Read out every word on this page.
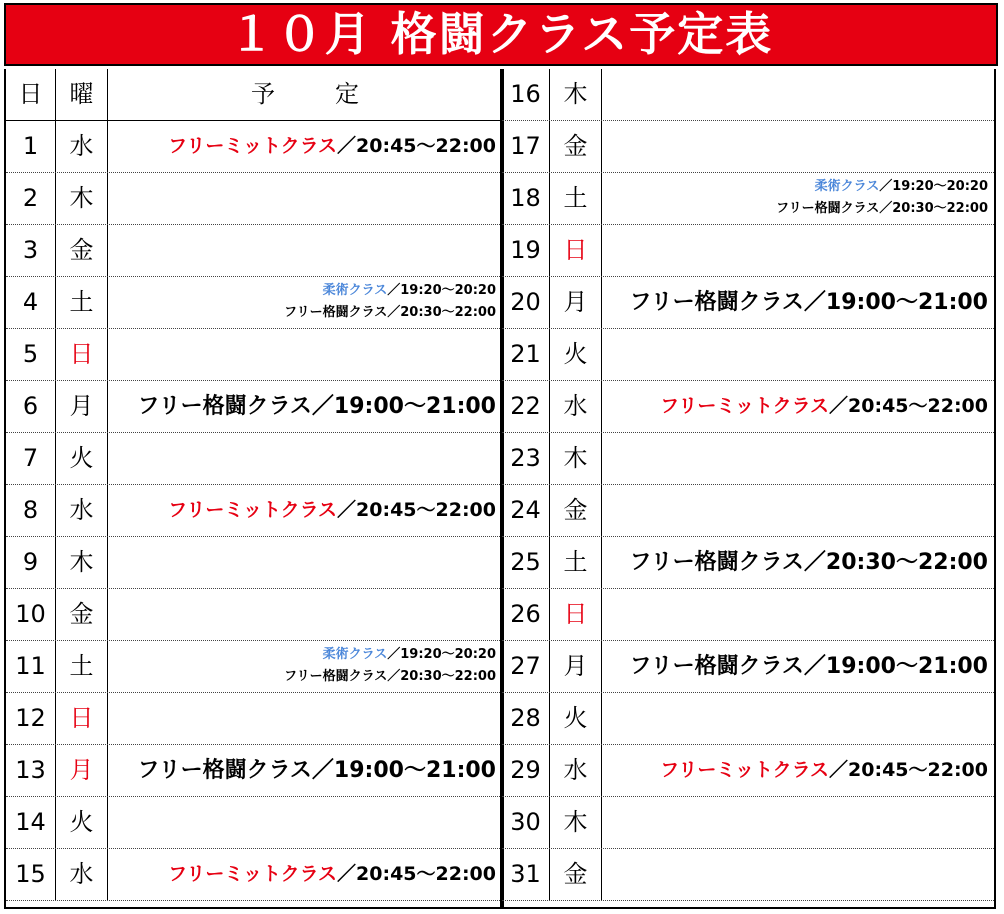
１０月 格闘クラス予定表
日	曜	予定
1	水	フリーミットクラス／20:45〜22:00
2	木
3	金
4	土	柔術クラス／19:20〜20:20
フリー格闘クラス／20:30〜22:00
5	日
6	月	フリー格闘クラス／19:00〜21:00
7	火
8	水	フリーミットクラス／20:45〜22:00
9	木
10 金
11 土	柔術クラス／19:20〜20:20
フリー格闘クラス／20:30〜22:00
12 日
13 月	フリー格闘クラス／19:00〜21:00
14 火
15 水	フリーミットクラス／20:45〜22:00
16 木
17 金
18 土	柔術クラス／19:20〜20:20
フリー格闘クラス／20:30〜22:00
19 日
20 月	フリー格闘クラス／19:00〜21:00
21 火
22 水	フリーミットクラス／20:45〜22:00
23 木
24 金
25 土	フリー格闘クラス／20:30〜22:00
26 日
27 月	フリー格闘クラス／19:00〜21:00
28 火
29 水	フリーミットクラス／20:45〜22:00
30 木
31 金
